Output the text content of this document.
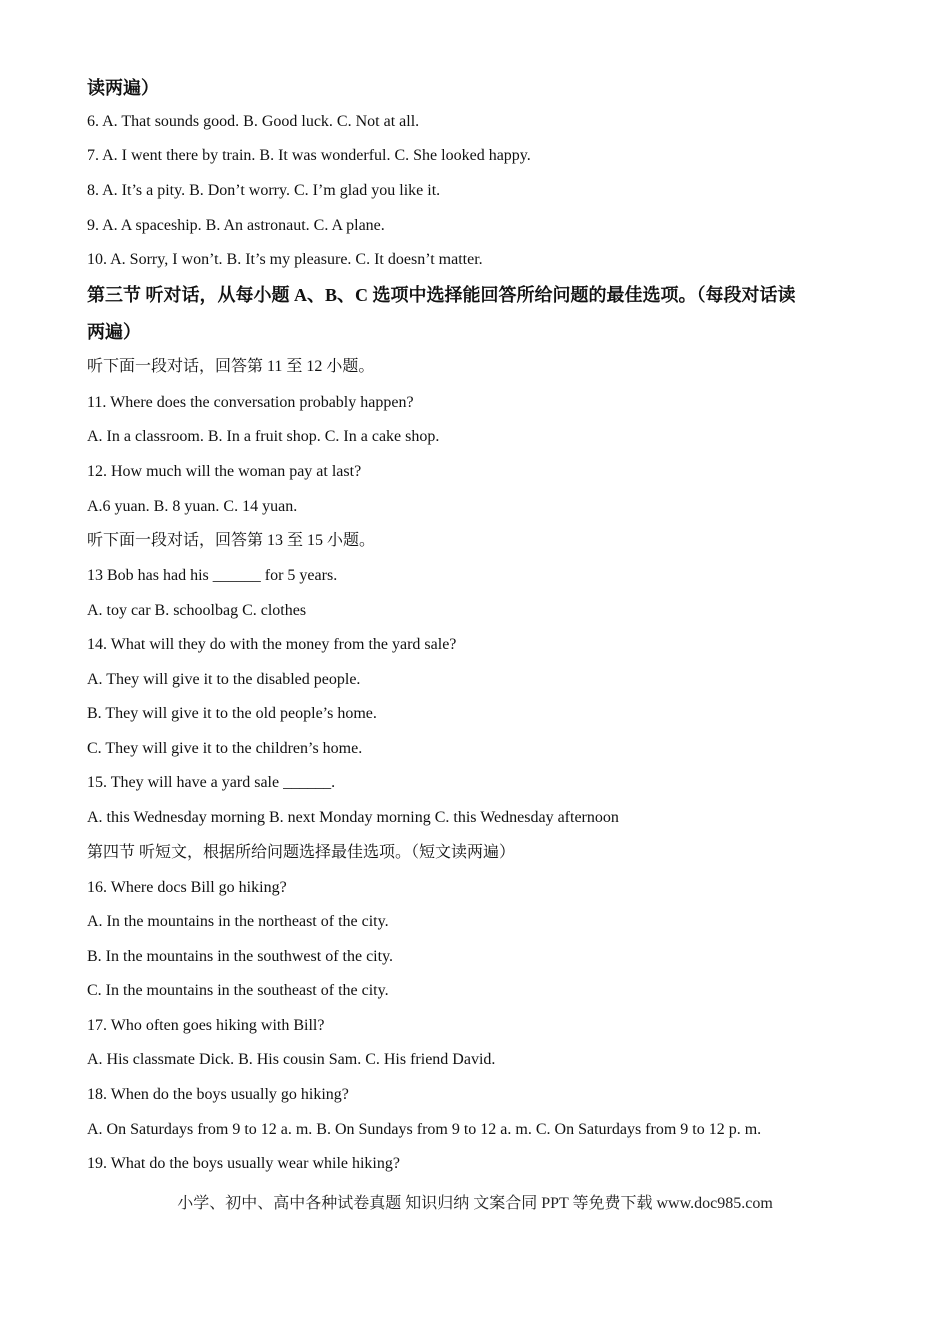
读两遍）
6. A. That sounds good. B. Good luck. C. Not at all.
7. A. I went there by train. B. It was wonderful. C. She looked happy.
8. A. It’s a pity. B. Don’t worry. C. I’m glad you like it.
9. A. A spaceship. B. An astronaut. C. A plane.
10. A. Sorry, I won’t. B. It’s my pleasure. C. It doesn’t matter.
第三节 听对话，从每小题 A、B、C 选项中选择能回答所给问题的最佳选项。（每段对话读
两遍）
听下面一段对话，回答第 11 至 12 小题。
11. Where does the conversation probably happen?
A. In a classroom. B. In a fruit shop. C. In a cake shop.
12. How much will the woman pay at last?
A.6 yuan. B. 8 yuan. C. 14 yuan.
听下面一段对话，回答第 13 至 15 小题。
13 Bob has had his ______ for 5 years.
A. toy car B. schoolbag C. clothes
14. What will they do with the money from the yard sale?
A. They will give it to the disabled people.
B. They will give it to the old people’s home.
C. They will give it to the children’s home.
15. They will have a yard sale ______.
A. this Wednesday morning B. next Monday morning C. this Wednesday afternoon
第四节 听短文，根据所给问题选择最佳选项。（短文读两遍）
16. Where docs Bill go hiking?
A. In the mountains in the northeast of the city.
B. In the mountains in the southwest of the city.
C. In the mountains in the southeast of the city.
17. Who often goes hiking with Bill?
A. His classmate Dick. B. His cousin Sam. C. His friend David.
18. When do the boys usually go hiking?
A. On Saturdays from 9 to 12 a. m. B. On Sundays from 9 to 12 a. m. C. On Saturdays from 9 to 12 p. m.
19. What do the boys usually wear while hiking?
小学、初中、高中各种试卷真题 知识归纳 文案合同 PPT 等免费下载 www.doc985.com
